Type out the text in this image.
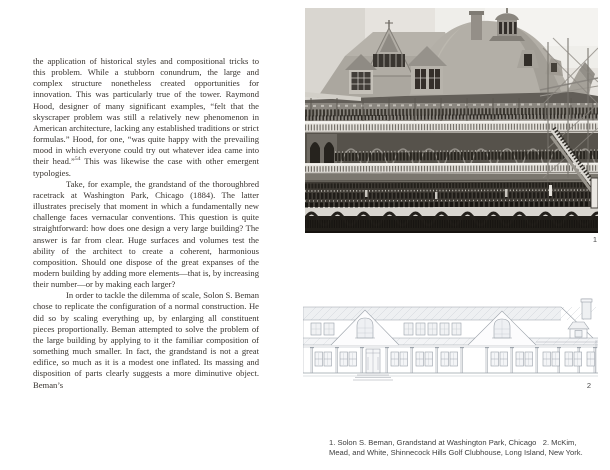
the application of historical styles and compositional tricks to this problem. While a stubborn conundrum, the large and complex structure nonetheless created opportunities for innovation. This was particularly true of the tower. Raymond Hood, designer of many significant examples, “felt that the skyscraper problem was still a relatively new phenomenon in American architecture, lacking any established traditions or strict formulas.” Hood, for one, “was quite happy with the prevailing mood in which everyone could try out whatever idea came into their head.”$^{54}$ This was likewise the case with other emergent typologies.

Take, for example, the grandstand of the thoroughbred racetrack at Washington Park, Chicago (1884). The latter illustrates precisely that moment in which a fundamentally new challenge faces vernacular conventions. This question is quite straightforward: how does one design a very large building? The answer is far from clear. Huge surfaces and volumes test the ability of the architect to create a coherent, harmonious composition. Should one dispose of the great expanses of the modern building by adding more elements—that is, by increasing their number—or by making each larger?

In order to tackle the dilemma of scale, Solon S. Beman chose to replicate the configuration of a normal construction. He did so by scaling everything up, by enlarging all constituent pieces proportionally. Beman attempted to solve the problem of the large building by applying to it the familiar composition of something much smaller. In fact, the grandstand is not a great edifice, so much as it is a modest one inflated. Its massing and disposition of parts clearly suggests a more diminutive object. Beman’s

1
2
1. Solon S. Beman, Grandstand at Washington Park, Chicago   2. McKim,
Mead, and White, Shinnecock Hills Golf Clubhouse, Long Island, New York.
